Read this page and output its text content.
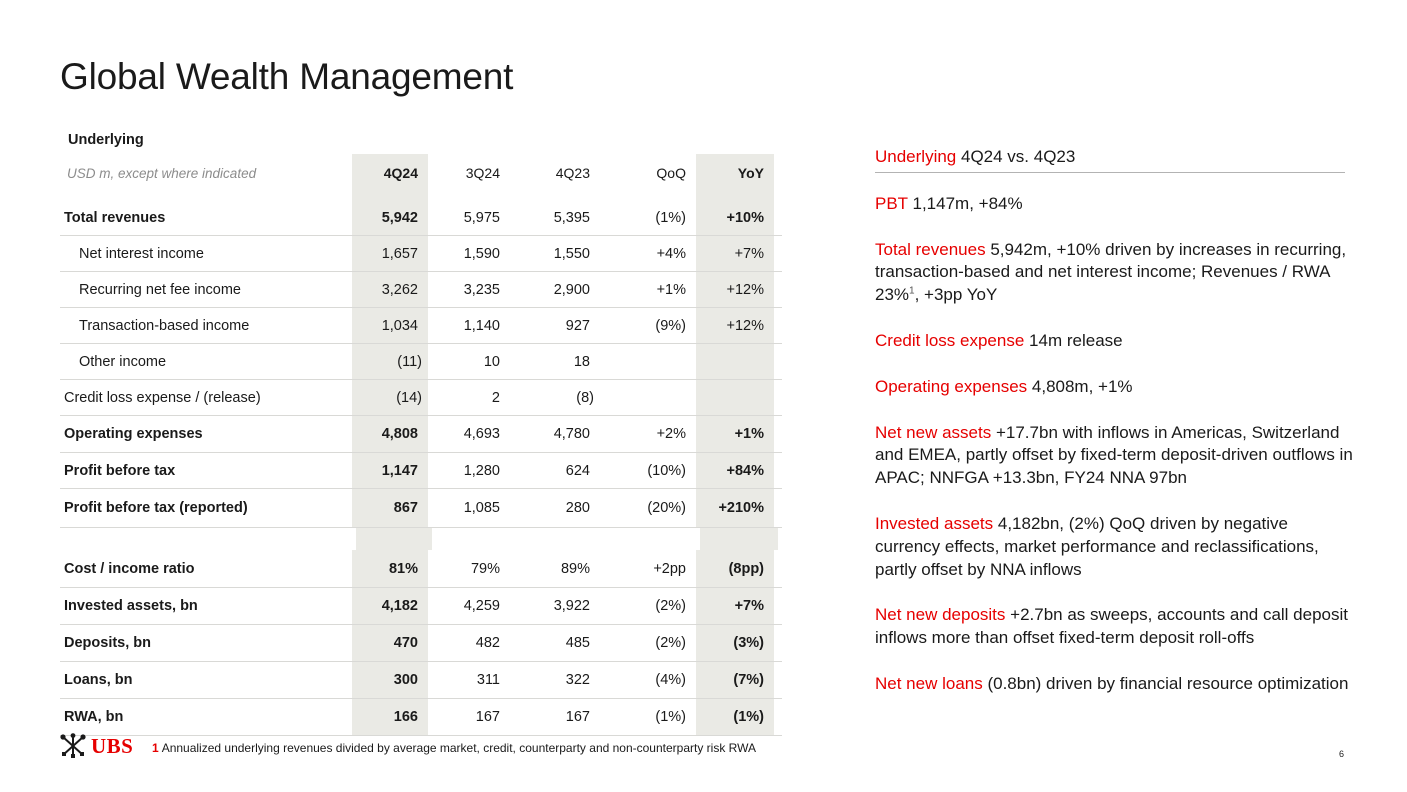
Global Wealth Management
Underlying
USD m, except where indicated	4Q24	3Q24	4Q23	QoQ	YoY
Total revenues	5,942	5,975	5,395	(1%)	+10%
Net interest income	1,657	1,590	1,550	+4%	+7%
Recurring net fee income	3,262	3,235	2,900	+1%	+12%
Transaction-based income	1,034	1,140	927	(9%)	+12%
Other income	(11)	10	18
Credit loss expense / (release)	(14)	2	(8)
Operating expenses	4,808	4,693	4,780	+2%	+1%
Profit before tax	1,147	1,280	624	(10%)	+84%
Profit before tax (reported)	867	1,085	280	(20%)	+210%
Cost / income ratio	81%	79%	89%	+2pp	(8pp)
Invested assets, bn	4,182	4,259	3,922	(2%)	+7%
Deposits, bn	470	482	485	(2%)	(3%)
Loans, bn	300	311	322	(4%)	(7%)
RWA, bn	166	167	167	(1%)	(1%)
Underlying 4Q24 vs. 4Q23

PBT 1,147m, +84%

Total revenues 5,942m, +10% driven by increases in recurring, transaction-based and net interest income; Revenues / RWA 23%$^1$, +3pp YoY

Credit loss expense 14m release

Operating expenses 4,808m, +1%

Net new assets +17.7bn with inflows in Americas, Switzerland and EMEA, partly offset by fixed-term deposit-driven outflows in APAC; NNFGA +13.3bn, FY24 NNA 97bn

Invested assets 4,182bn, (2%) QoQ driven by negative currency effects, market performance and reclassifications, partly offset by NNA inflows

Net new deposits +2.7bn as sweeps, accounts and call deposit inflows more than offset fixed-term deposit roll-offs

Net new loans (0.8bn) driven by financial resource optimization

UBS 1 Annualized underlying revenues divided by average market, credit, counterparty and non-counterparty risk RWA	6
